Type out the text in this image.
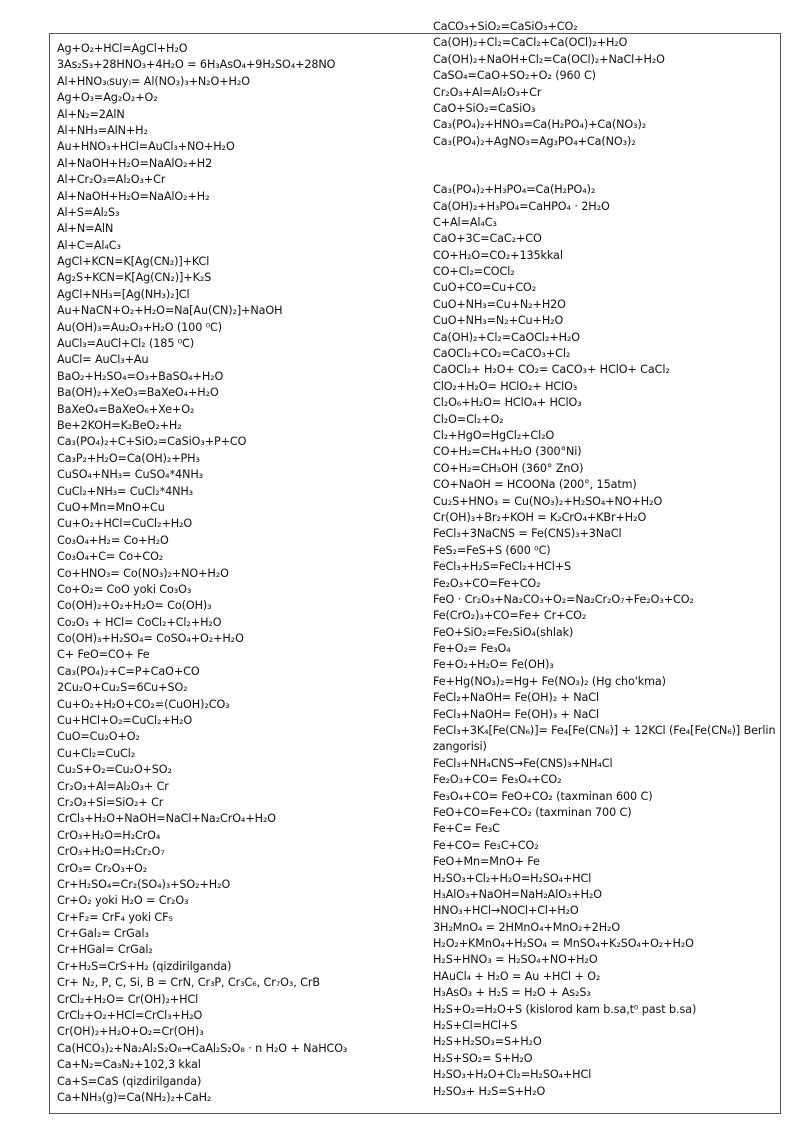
Ag+O₂+HCl=AgCl+H₂O
3As₂S₃+28HNO₃+4H₂O = 6H₃AsO₄+9H₂SO₄+28NO
Al+HNO₃₍suy₎= Al(NO₃)₃+N₂O+H₂O
Ag+O₃=Ag₂O₂+O₂
Al+N₂=2AlN
Al+NH₃=AlN+H₂
Au+HNO₃+HCl=AuCl₃+NO+H₂O
Al+NaOH+H₂O=NaAlO₂+H2
Al+Cr₂O₃=Al₂O₃+Cr
Al+NaOH+H₂O=NaAlO₂+H₂
Al+S=Al₂S₃
Al+N=AlN
Al+C=Al₄C₃
AgCl+KCN=K[Ag(CN₂)]+KCl
Ag₂S+KCN=K[Ag(CN₂)]+K₂S
AgCl+NH₃=[Ag(NH₃)₂]Cl
Au+NaCN+O₂+H₂O=Na[Au(CN)₂]+NaOH
Au(OH)₃=Au₂O₃+H₂O (100 ⁰C)
AuCl₃=AuCl+Cl₂ (185 ⁰C)
AuCl= AuCl₃+Au
BaO₂+H₂SO₄=O₃+BaSO₄+H₂O
Ba(OH)₂+XeO₃=BaXeO₄+H₂O
BaXeO₄=BaXeO₆+Xe+O₂
Be+2KOH=K₂BeO₂+H₂
Ca₃(PO₄)₂+C+SiO₂=CaSiO₃+P+CO
Ca₃P₂+H₂O=Ca(OH)₂+PH₃
CuSO₄+NH₃= CuSO₄*4NH₃
CuCl₂+NH₃= CuCl₂*4NH₃
CuO+Mn=MnO+Cu
Cu+O₂+HCl=CuCl₂+H₂O
Co₃O₄+H₂= Co+H₂O
Co₃O₄+C= Co+CO₂
Co+HNO₃= Co(NO₃)₂+NO+H₂O
Co+O₂= CoO yoki Co₃O₃
Co(OH)₂+O₂+H₂O= Co(OH)₃
Co₂O₃ + HCl= CoCl₂+Cl₂+H₂O
Co(OH)₃+H₂SO₄= CoSO₄+O₂+H₂O
C+ FeO=CO+ Fe
Ca₃(PO₄)₂+C=P+CaO+CO
2Cu₂O+Cu₂S=6Cu+SO₂
Cu+O₂+H₂O+CO₂=(CuOH)₂CO₃
Cu+HCl+O₂=CuCl₂+H₂O
CuO=Cu₂O+O₂
Cu+Cl₂=CuCl₂
Cu₂S+O₂=Cu₂O+SO₂
Cr₂O₃+Al=Al₂O₃+ Cr
Cr₂O₃+Si=SiO₂+ Cr
CrCl₃+H₂O+NaOH=NaCl+Na₂CrO₄+H₂O
CrO₃+H₂O=H₂CrO₄
CrO₃+H₂O=H₂Cr₂O₇
CrO₃= Cr₂O₃+O₂
Cr+H₂SO₄=Cr₂(SO₄)₃+SO₂+H₂O
Cr+O₂ yoki H₂O = Cr₂O₃
Cr+F₂= CrF₄ yoki CF₅
Cr+Gal₂= CrGal₃
Cr+HGal= CrGal₂
Cr+H₂S=CrS+H₂ (qizdirilganda)
Cr+ N₂, P, C, Si, B = CrN, Cr₃P, Cr₃C₆, Cr₇O₃, CrB
CrCl₂+H₂O= Cr(OH)₂+HCl
CrCl₂+O₂+HCl=CrCl₃+H₂O
Cr(OH)₂+H₂O+O₂=Cr(OH)₃
Ca(HCO₃)₂+Na₂Al₂S₂O₈→CaAl₂S₂O₈ · n H₂O + NaHCO₃
Ca+N₂=Ca₃N₂+102,3 kkal
Ca+S=CaS (qizdirilganda)
Ca+NH₃(g)=Ca(NH₂)₂+CaH₂
CaCO₃+SiO₂=CaSiO₃+CO₂
Ca(OH)₂+Cl₂=CaCl₂+Ca(OCl)₂+H₂O
Ca(OH)₂+NaOH+Cl₂=Ca(OCl)₂+NaCl+H₂O
CaSO₄=CaO+SO₂+O₂ (960 C)
Cr₂O₃+Al=Al₂O₃+Cr
CaO+SiO₂=CaSiO₃
Ca₃(PO₄)₂+HNO₃=Ca(H₂PO₄)+Ca(NO₃)₂
Ca₃(PO₄)₂+AgNO₃=Ag₃PO₄+Ca(NO₃)₂
Ca₃(PO₄)₂+H₃PO₄=Ca(H₂PO₄)₂
Ca(OH)₂+H₃PO₄=CaHPO₄ · 2H₂O
C+Al=Al₄C₃
CaO+3C=CaC₂+CO
CO+H₂O=CO₂+135kkal
CO+Cl₂=COCl₂
CuO+CO=Cu+CO₂
CuO+NH₃=Cu+N₂+H2O
CuO+NH₃=N₂+Cu+H₂O
Ca(OH)₂+Cl₂=CaOCl₂+H₂O
CaOCl₂+CO₂=CaCO₃+Cl₂
CaOCl₂+ H₂O+ CO₂= CaCO₃+ HClO+ CaCl₂
ClO₂+H₂O= HClO₂+ HClO₃
Cl₂O₆+H₂O= HClO₄+ HClO₃
Cl₂O=Cl₂+O₂
Cl₂+HgO=HgCl₂+Cl₂O
CO+H₂=CH₄+H₂O (300°Ni)
CO+H₂=CH₃OH (360° ZnO)
CO+NaOH = HCOONa (200°, 15atm)
Cu₂S+HNO₃ = Cu(NO₃)₂+H₂SO₄+NO+H₂O
Cr(OH)₃+Br₂+KOH = K₂CrO₄+KBr+H₂O
FeCl₃+3NaCNS = Fe(CNS)₃+3NaCl
FeS₂=FeS+S (600 ⁰C)
FeCl₃+H₂S=FeCl₂+HCl+S
Fe₂O₃+CO=Fe+CO₂
FeO · Cr₂O₃+Na₂CO₃+O₂=Na₂Cr₂O₇+Fe₂O₃+CO₂
Fe(CrO₂)₃+CO=Fe+ Cr+CO₂
FeO+SiO₂=Fe₂SiO₄(shlak)
Fe+O₂= Fe₃O₄
Fe+O₂+H₂O= Fe(OH)₃
Fe+Hg(NO₃)₂=Hg+ Fe(NO₃)₂ (Hg cho'kma)
FeCl₂+NaOH= Fe(OH)₂ + NaCl
FeCl₃+NaOH= Fe(OH)₃ + NaCl
FeCl₃+3K₄[Fe(CN₆)]= Fe₄[Fe(CN₆)] + 12KCl (Fe₄[Fe(CN₆)] Berlin
zangorisi)
FeCl₃+NH₄CNS→Fe(CNS)₃+NH₄Cl
Fe₂O₃+CO= Fe₃O₄+CO₂
Fe₃O₄+CO= FeO+CO₂ (taxminan 600 C)
FeO+CO=Fe+CO₂ (taxminan 700 C)
Fe+C= Fe₃C
Fe+CO= Fe₃C+CO₂
FeO+Mn=MnO+ Fe
H₂SO₃+Cl₂+H₂O=H₂SO₄+HCl
H₃AlO₃+NaOH=NaH₂AlO₃+H₂O
HNO₃+HCl→NOCl+Cl+H₂O
3H₂MnO₄ = 2HMnO₄+MnO₂+2H₂O
H₂O₂+KMnO₄+H₂SO₄ = MnSO₄+K₂SO₄+O₂+H₂O
H₂S+HNO₃ = H₂SO₄+NO+H₂O
HAuCl₄ + H₂O = Au +HCl + O₂
H₃AsO₃ + H₂S = H₂O + As₂S₃
H₂S+O₂=H₂O+S (kislorod kam b.sa,t⁰ past b.sa)
H₂S+Cl=HCl+S
H₂S+H₂SO₃=S+H₂O
H₂S+SO₂= S+H₂O
H₂SO₃+H₂O+Cl₂=H₂SO₄+HCl
H₂SO₃+ H₂S=S+H₂O
